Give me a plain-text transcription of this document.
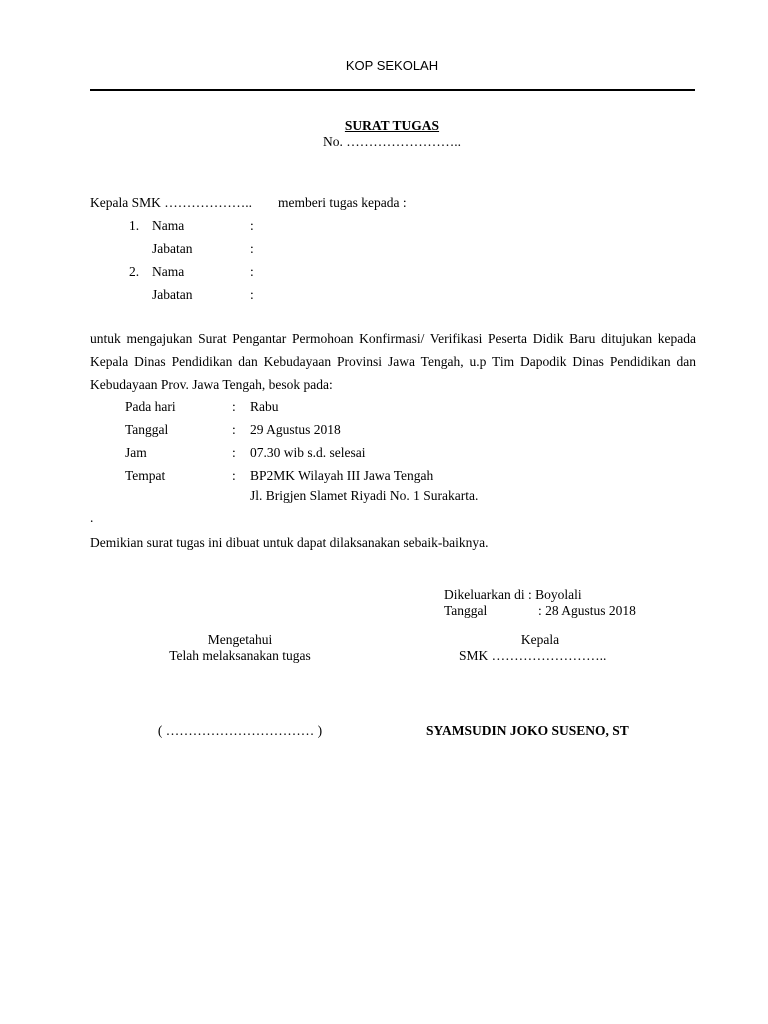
KOP SEKOLAH
SURAT TUGAS
No. ……………………..
Kepala SMK ……………….. memberi tugas kepada :
1. Nama	:
Jabatan	:
2. Nama	:
Jabatan	:
untuk mengajukan Surat Pengantar Permohoan Konfirmasi/ Verifikasi Peserta Didik Baru ditujukan kepada Kepala Dinas Pendidikan dan Kebudayaan Provinsi Jawa Tengah, u.p Tim Dapodik Dinas Pendidikan dan Kebudayaan Prov. Jawa Tengah, besok pada:
Pada hari	: Rabu
Tanggal	: 29 Agustus 2018
Jam	: 07.30 wib s.d. selesai
Tempat	: BP2MK Wilayah III Jawa Tengah
Jl. Brigjen Slamet Riyadi No. 1 Surakarta.
.
Demikian surat tugas ini dibuat untuk dapat dilaksanakan sebaik-baiknya.
Dikeluarkan di : Boyolali
Tanggal	: 28 Agustus 2018
Mengetahui
Telah melaksanakan tugas
( …………………………… )
Kepala
SMK ……………………..
SYAMSUDIN JOKO SUSENO, ST
